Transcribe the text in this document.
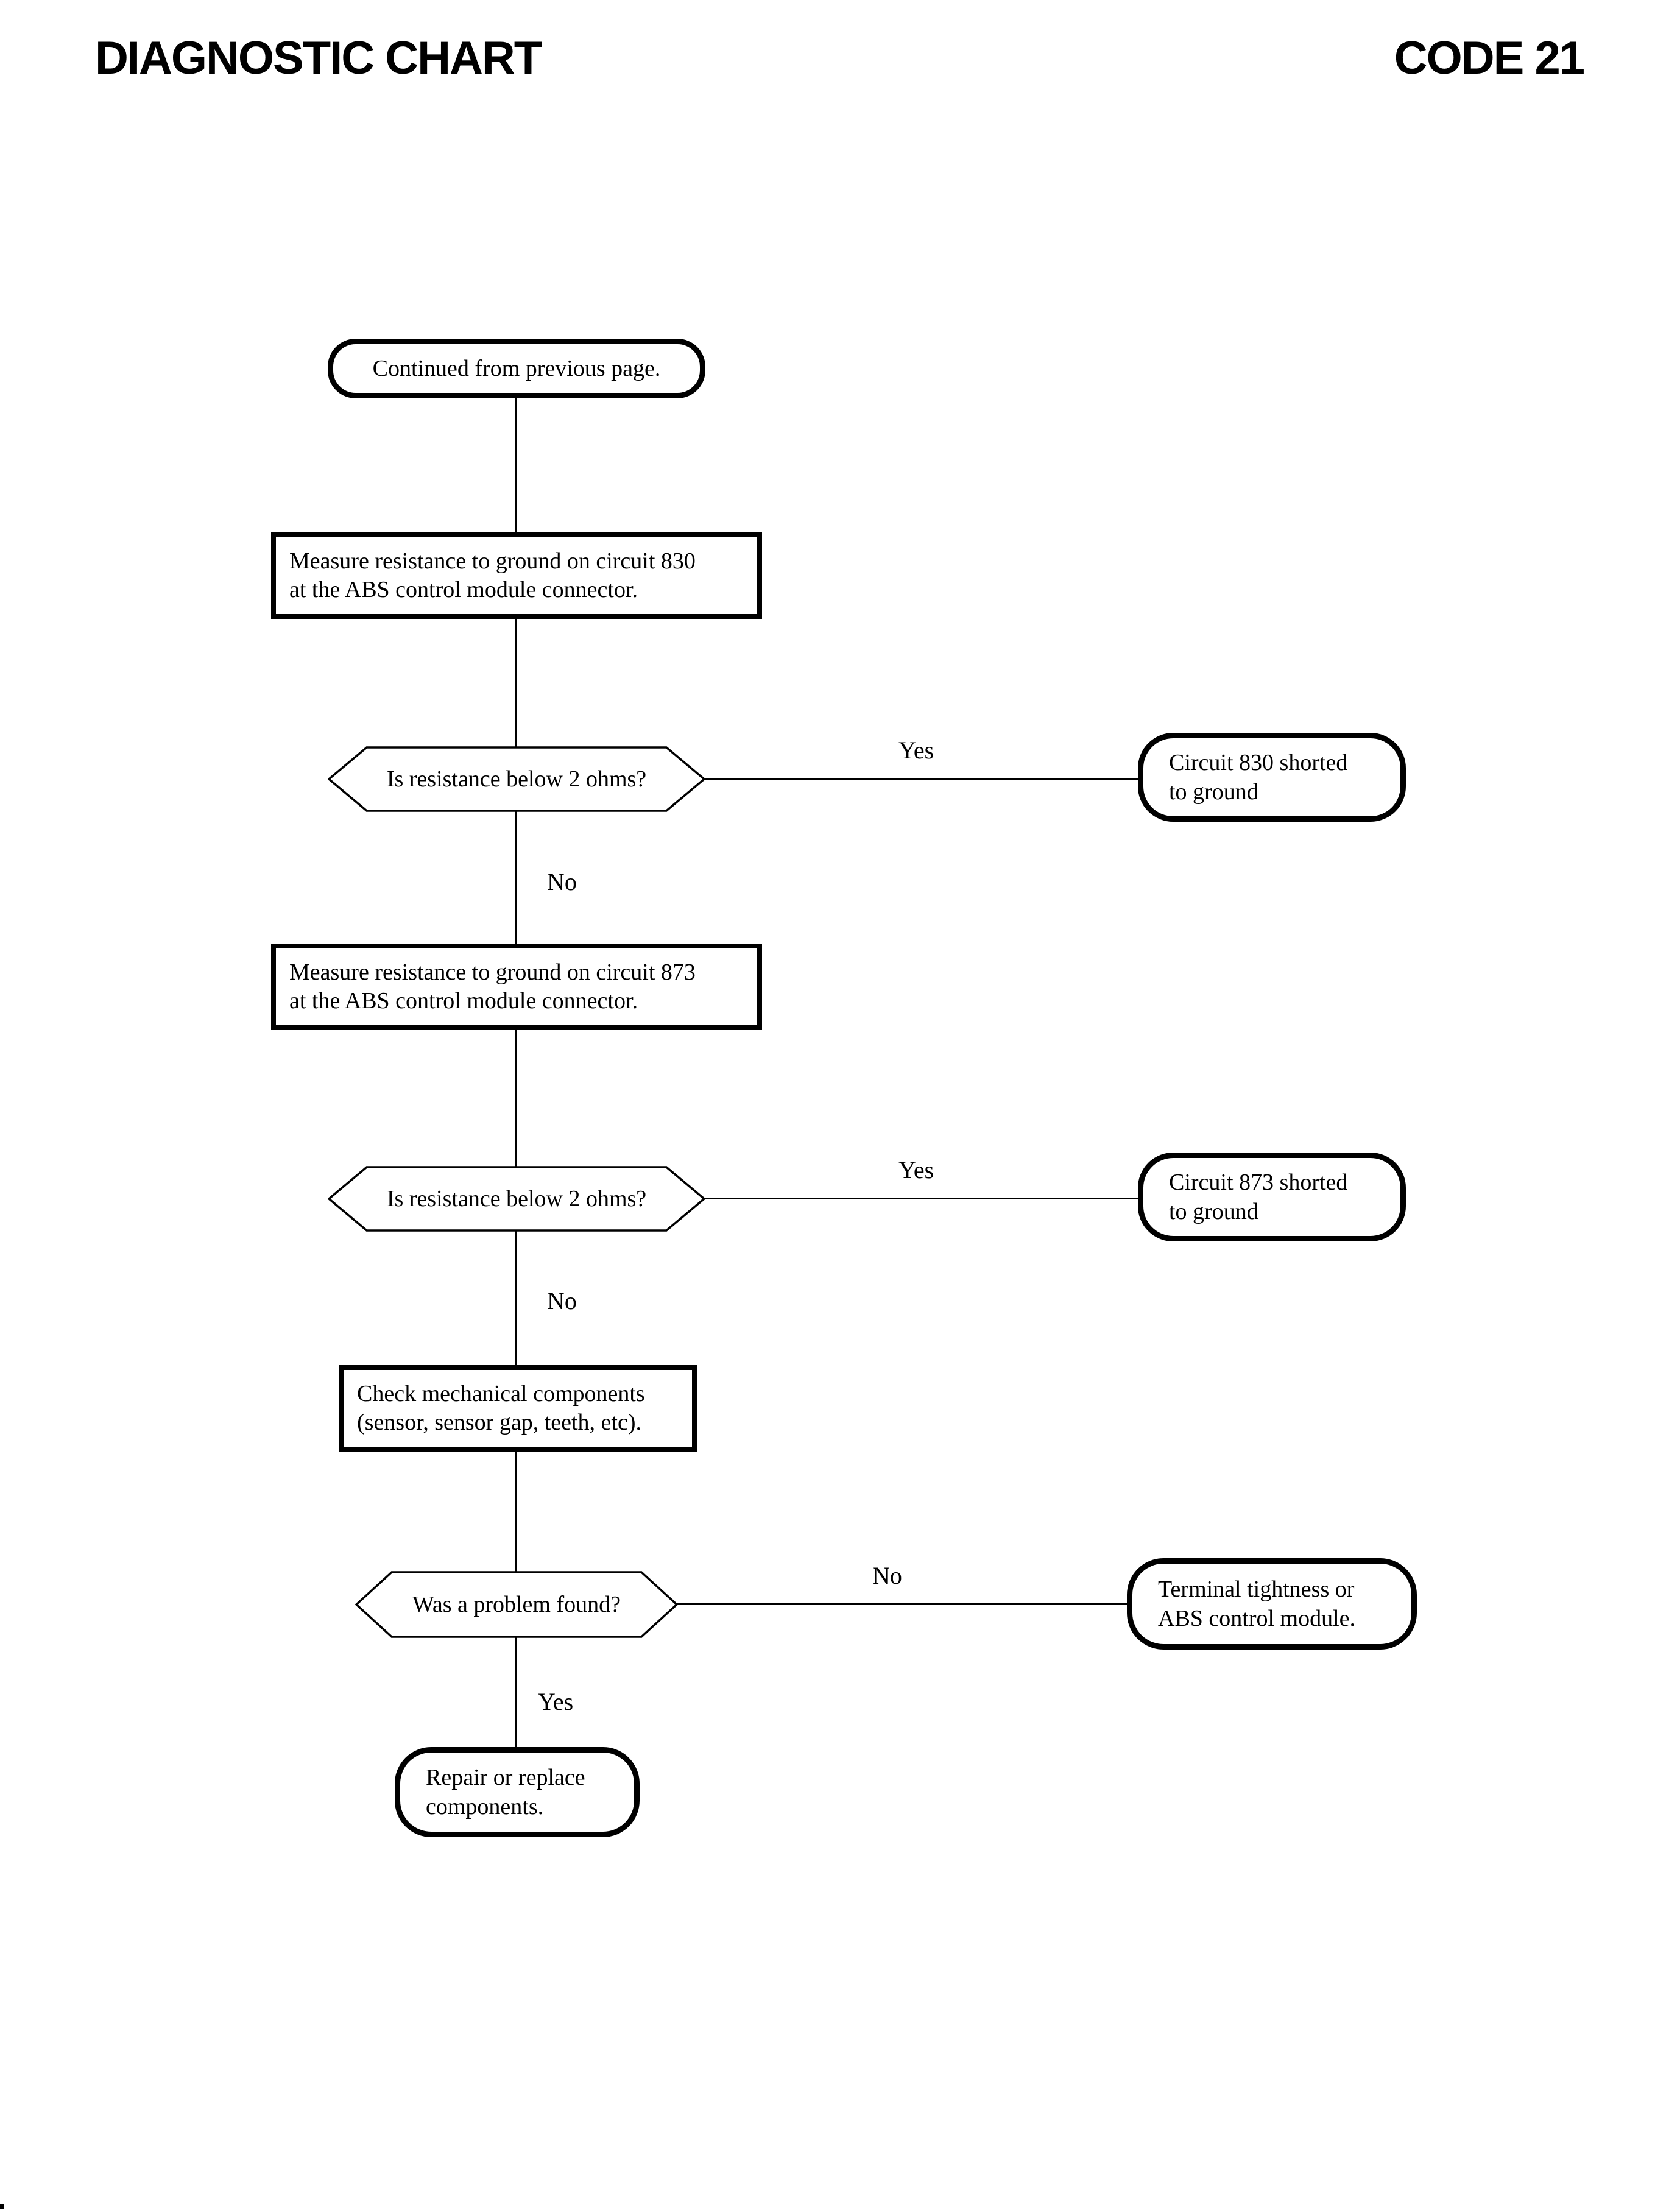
DIAGNOSTIC CHART	CODE 21
Continued from previous page.
Measure resistance to ground on circuit 830
at the ABS control module connector.
Is resistance below 2 ohms?
Yes
No
Circuit 830 shorted
to ground
Measure resistance to ground on circuit 873
at the ABS control module connector.
Is resistance below 2 ohms?
Yes
No
Circuit 873 shorted
to ground
Check mechanical components
(sensor, sensor gap, teeth, etc).
Was a problem found?
No
Yes
Terminal tightness or
ABS control module.
Repair or replace
components.
